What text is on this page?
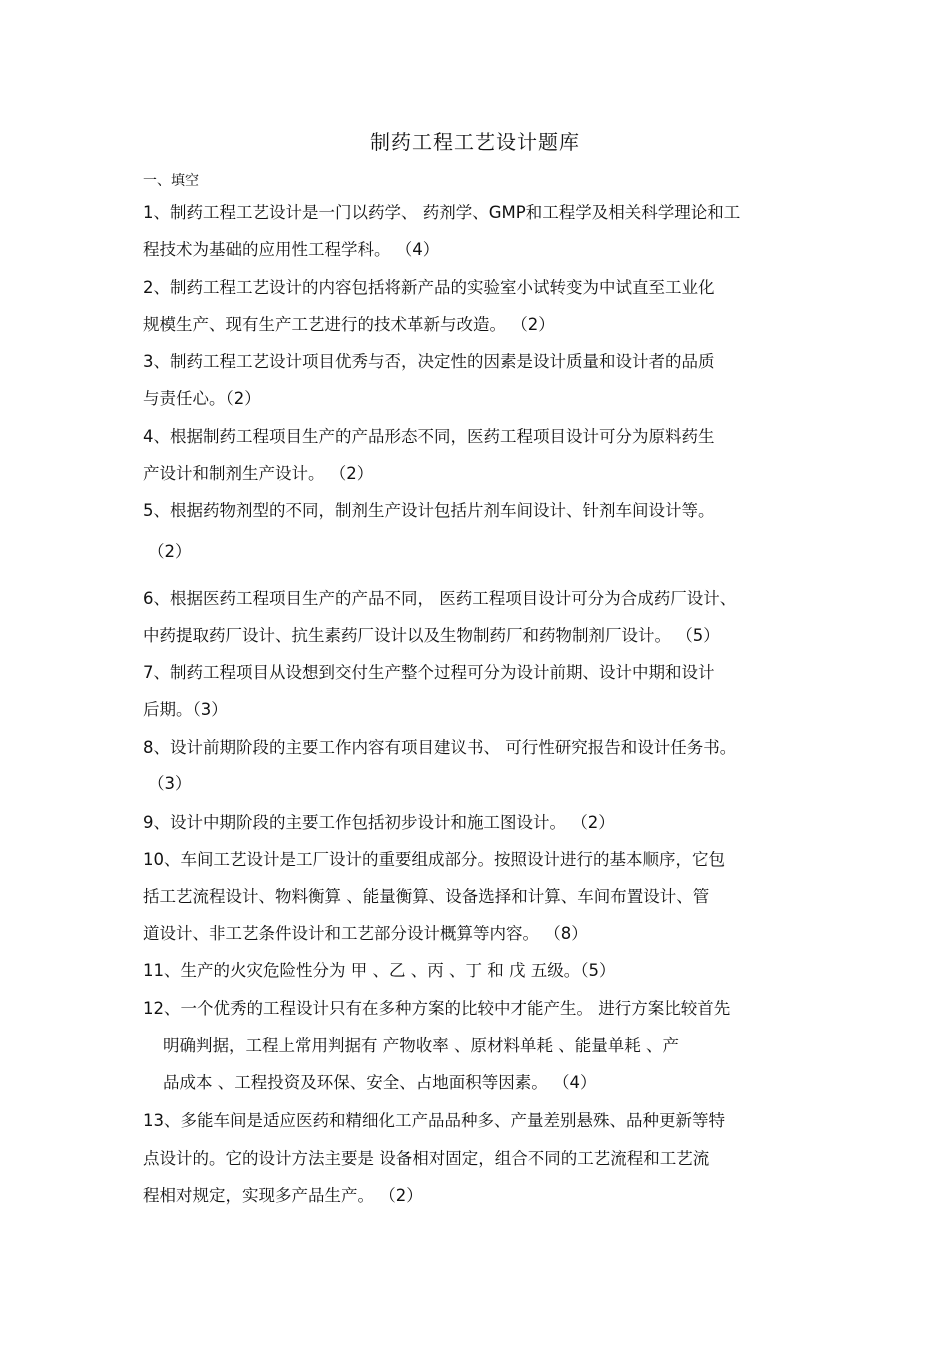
制药工程工艺设计题库
一、填空
1、制药工程工艺设计是一门以药学、 药剂学、GMP和工程学及相关科学理论和工
程技术为基础的应用性工程学科。 （4）
2、制药工程工艺设计的内容包括将新产品的实验室小试转变为中试直至工业化
规模生产、现有生产工艺进行的技术革新与改造。 （2）
3、制药工程工艺设计项目优秀与否，决定性的因素是设计质量和设计者的品质
与责任心。（2）
4、根据制药工程项目生产的产品形态不同，医药工程项目设计可分为原料药生
产设计和制剂生产设计。 （2）
5、根据药物剂型的不同，制剂生产设计包括片剂车间设计、针剂车间设计等。
（2）
6、根据医药工程项目生产的产品不同， 医药工程项目设计可分为合成药厂设计、
中药提取药厂设计、抗生素药厂设计以及生物制药厂和药物制剂厂设计。 （5）
7、制药工程项目从设想到交付生产整个过程可分为设计前期、设计中期和设计
后期。（3）
8、设计前期阶段的主要工作内容有项目建议书、 可行性研究报告和设计任务书。
（3）
9、设计中期阶段的主要工作包括初步设计和施工图设计。 （2）
10、车间工艺设计是工厂设计的重要组成部分。按照设计进行的基本顺序，它包
括工艺流程设计、物料衡算 、能量衡算、设备选择和计算、车间布置设计、管
道设计、非工艺条件设计和工艺部分设计概算等内容。 （8）
11、生产的火灾危险性分为 甲 、乙 、丙 、丁 和 戊 五级。（5）
12、一个优秀的工程设计只有在多种方案的比较中才能产生。 进行方案比较首先
明确判据，工程上常用判据有 产物收率 、原材料单耗 、能量单耗 、产
品成本 、工程投资及环保、安全、占地面积等因素。 （4）
13、多能车间是适应医药和精细化工产品品种多、产量差别悬殊、品种更新等特
点设计的。它的设计方法主要是 设备相对固定，组合不同的工艺流程和工艺流
程相对规定，实现多产品生产。 （2）
